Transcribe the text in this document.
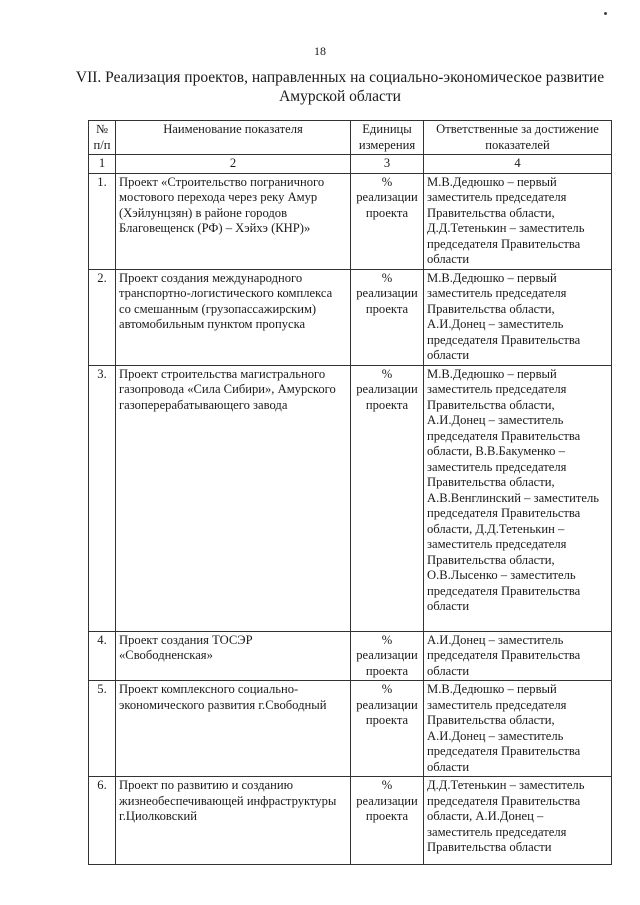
18
VII. Реализация проектов, направленных на социально-экономическое развитие
Амурской области
№ п/п	Наименование показателя	Единицы измерения	Ответственные за достижение показателей
1	2	3	4
1.	Проект «Строительство пограничного мостового перехода через реку Амур (Хэйлунцзян) в районе городов Благовещенск (РФ) – Хэйхэ (КНР)»	% реализации проекта	М.В.Дедюшко – первый заместитель председателя Правительства области, Д.Д.Тетенькин – заместитель председателя Правительства области
2.	Проект создания международного транспортно-логистического комплекса со смешанным (грузопассажирским) автомобильным пунктом пропуска	% реализации проекта	М.В.Дедюшко – первый заместитель председателя Правительства области, А.И.Донец – заместитель председателя Правительства области
3.	Проект строительства магистрального газопровода «Сила Сибири», Амурского газоперерабатывающего завода	% реализации проекта	М.В.Дедюшко – первый заместитель председателя Правительства области, А.И.Донец – заместитель председателя Правительства области, В.В.Бакуменко – заместитель председателя Правительства области, А.В.Венглинский – заместитель председателя Правительства области, Д.Д.Тетенькин – заместитель председателя Правительства области, О.В.Лысенко – заместитель председателя Правительства области
4.	Проект создания ТОСЭР «Свободненская»	% реализации проекта	А.И.Донец – заместитель председателя Правительства области
5.	Проект комплексного социально-экономического развития г.Свободный	% реализации проекта	М.В.Дедюшко – первый заместитель председателя Правительства области, А.И.Донец – заместитель председателя Правительства области
6.	Проект по развитию и созданию жизнеобеспечивающей инфраструктуры г.Циолковский	% реализации проекта	Д.Д.Тетенькин – заместитель председателя Правительства области, А.И.Донец – заместитель председателя Правительства области
